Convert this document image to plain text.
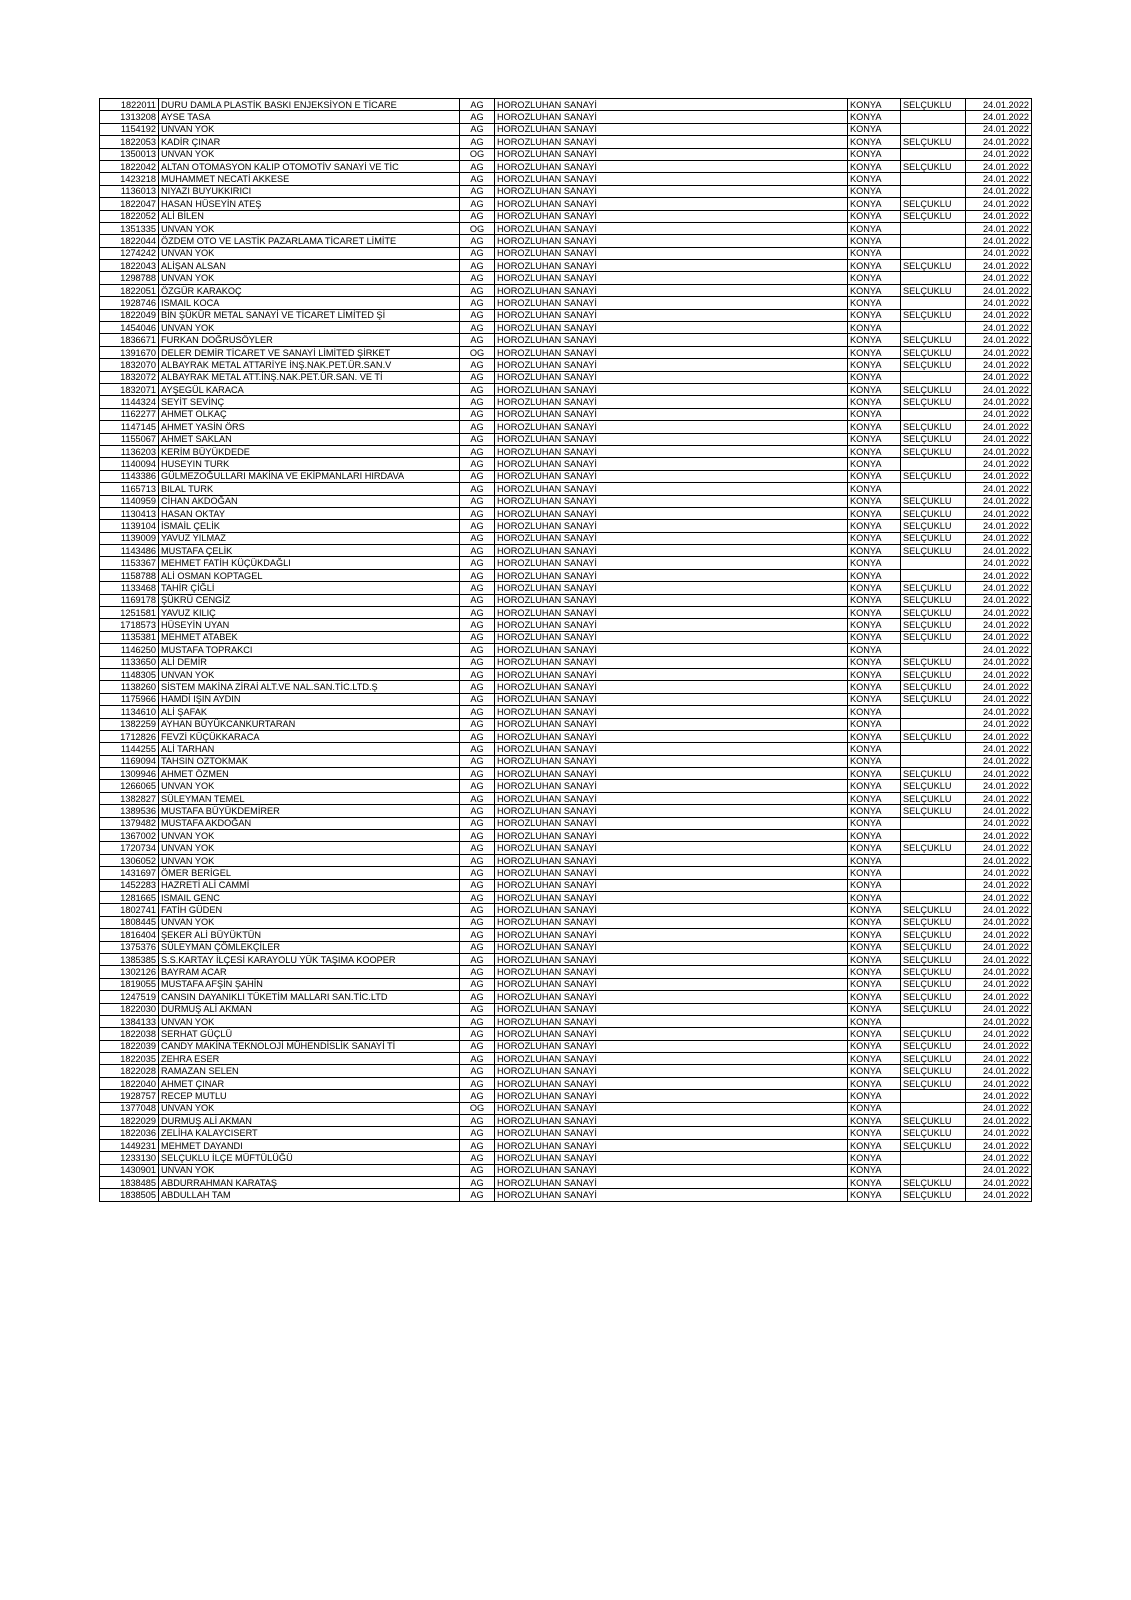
1822011	DURU DAMLA PLASTİK BASKI ENJEKSİYON E TİCARE	AG	HOROZLUHAN SANAYİ	KONYA	SELÇUKLU	24.01.2022
1313208	AYSE TASA	AG	HOROZLUHAN SANAYİ	KONYA		24.01.2022
1154192	UNVAN YOK	AG	HOROZLUHAN SANAYİ	KONYA		24.01.2022
1822053	KADİR ÇINAR	AG	HOROZLUHAN SANAYİ	KONYA	SELÇUKLU	24.01.2022
1350013	UNVAN YOK	OG	HOROZLUHAN SANAYİ	KONYA		24.01.2022
1822042	ALTAN OTOMASYON KALIP OTOMOTİV SANAYİ VE TİC	AG	HOROZLUHAN SANAYİ	KONYA	SELÇUKLU	24.01.2022
1423218	MUHAMMET NECATİ AKKESE	AG	HOROZLUHAN SANAYİ	KONYA		24.01.2022
1136013	NIYAZI BUYUKKIRICI	AG	HOROZLUHAN SANAYİ	KONYA		24.01.2022
1822047	HASAN HÜSEYİN ATEŞ	AG	HOROZLUHAN SANAYİ	KONYA	SELÇUKLU	24.01.2022
1822052	ALİ BİLEN	AG	HOROZLUHAN SANAYİ	KONYA	SELÇUKLU	24.01.2022
1351335	UNVAN YOK	OG	HOROZLUHAN SANAYİ	KONYA		24.01.2022
1822044	ÖZDEM OTO VE LASTİK PAZARLAMA TİCARET LİMİTE	AG	HOROZLUHAN SANAYİ	KONYA		24.01.2022
1274242	UNVAN YOK	AG	HOROZLUHAN SANAYİ	KONYA		24.01.2022
1822043	ALİŞAN ALSAN	AG	HOROZLUHAN SANAYİ	KONYA	SELÇUKLU	24.01.2022
1298788	UNVAN YOK	AG	HOROZLUHAN SANAYİ	KONYA		24.01.2022
1822051	ÖZGÜR KARAKOÇ	AG	HOROZLUHAN SANAYİ	KONYA	SELÇUKLU	24.01.2022
1928746	ISMAIL KOCA	AG	HOROZLUHAN SANAYİ	KONYA		24.01.2022
1822049	BİN ŞÜKÜR METAL SANAYİ VE TİCARET LİMİTED Şİ	AG	HOROZLUHAN SANAYİ	KONYA	SELÇUKLU	24.01.2022
1454046	UNVAN YOK	AG	HOROZLUHAN SANAYİ	KONYA		24.01.2022
1836671	FURKAN DOĞRUSÖYLER	AG	HOROZLUHAN SANAYİ	KONYA	SELÇUKLU	24.01.2022
1391670	DELER DEMİR TİCARET VE SANAYİ LİMİTED ŞİRKET	OG	HOROZLUHAN SANAYİ	KONYA	SELÇUKLU	24.01.2022
1832070	ALBAYRAK METAL ATTARİYE İNŞ.NAK.PET.ÜR.SAN.V	AG	HOROZLUHAN SANAYİ	KONYA	SELÇUKLU	24.01.2022
1832072	ALBAYRAK METAL ATT.İNŞ.NAK.PET.ÜR.SAN. VE Tİ	AG	HOROZLUHAN SANAYİ	KONYA		24.01.2022
1832071	AYŞEGÜL KARACA	AG	HOROZLUHAN SANAYİ	KONYA	SELÇUKLU	24.01.2022
1144324	SEYİT SEVİNÇ	AG	HOROZLUHAN SANAYİ	KONYA	SELÇUKLU	24.01.2022
1162277	AHMET OLKAÇ	AG	HOROZLUHAN SANAYİ	KONYA		24.01.2022
1147145	AHMET YASİN ÖRS	AG	HOROZLUHAN SANAYİ	KONYA	SELÇUKLU	24.01.2022
1155067	AHMET SAKLAN	AG	HOROZLUHAN SANAYİ	KONYA	SELÇUKLU	24.01.2022
1136203	KERİM BÜYÜKDEDE	AG	HOROZLUHAN SANAYİ	KONYA	SELÇUKLU	24.01.2022
1140094	HUSEYIN TURK	AG	HOROZLUHAN SANAYİ	KONYA		24.01.2022
1143386	GÜLMEZOĞULLARI MAKİNA VE EKİPMANLARI HIRDAVA	AG	HOROZLUHAN SANAYİ	KONYA	SELÇUKLU	24.01.2022
1165713	BILAL TURK	AG	HOROZLUHAN SANAYİ	KONYA		24.01.2022
1140959	CİHAN AKDOĞAN	AG	HOROZLUHAN SANAYİ	KONYA	SELÇUKLU	24.01.2022
1130413	HASAN OKTAY	AG	HOROZLUHAN SANAYİ	KONYA	SELÇUKLU	24.01.2022
1139104	İSMAİL ÇELİK	AG	HOROZLUHAN SANAYİ	KONYA	SELÇUKLU	24.01.2022
1139009	YAVUZ YILMAZ	AG	HOROZLUHAN SANAYİ	KONYA	SELÇUKLU	24.01.2022
1143486	MUSTAFA ÇELİK	AG	HOROZLUHAN SANAYİ	KONYA	SELÇUKLU	24.01.2022
1153367	MEHMET FATİH KÜÇÜKDAĞLI	AG	HOROZLUHAN SANAYİ	KONYA		24.01.2022
1158788	ALİ OSMAN KOPTAGEL	AG	HOROZLUHAN SANAYİ	KONYA		24.01.2022
1133468	TAHİR ÇİĞLİ	AG	HOROZLUHAN SANAYİ	KONYA	SELÇUKLU	24.01.2022
1169178	ŞÜKRÜ CENGİZ	AG	HOROZLUHAN SANAYİ	KONYA	SELÇUKLU	24.01.2022
1251581	YAVUZ KILIÇ	AG	HOROZLUHAN SANAYİ	KONYA	SELÇUKLU	24.01.2022
1718573	HÜSEYİN UYAN	AG	HOROZLUHAN SANAYİ	KONYA	SELÇUKLU	24.01.2022
1135381	MEHMET ATABEK	AG	HOROZLUHAN SANAYİ	KONYA	SELÇUKLU	24.01.2022
1146250	MUSTAFA TOPRAKCI	AG	HOROZLUHAN SANAYİ	KONYA		24.01.2022
1133650	ALİ DEMİR	AG	HOROZLUHAN SANAYİ	KONYA	SELÇUKLU	24.01.2022
1148305	UNVAN YOK	AG	HOROZLUHAN SANAYİ	KONYA	SELÇUKLU	24.01.2022
1138260	SİSTEM MAKİNA ZİRAİ ALT.VE NAL.SAN.TİC.LTD.Ş	AG	HOROZLUHAN SANAYİ	KONYA	SELÇUKLU	24.01.2022
1175966	HAMDİ IŞIN AYDIN	AG	HOROZLUHAN SANAYİ	KONYA	SELÇUKLU	24.01.2022
1134610	ALİ ŞAFAK	AG	HOROZLUHAN SANAYİ	KONYA		24.01.2022
1382259	AYHAN BÜYÜKCANKURTARAN	AG	HOROZLUHAN SANAYİ	KONYA		24.01.2022
1712826	FEVZİ KÜÇÜKKARACA	AG	HOROZLUHAN SANAYİ	KONYA	SELÇUKLU	24.01.2022
1144255	ALİ TARHAN	AG	HOROZLUHAN SANAYİ	KONYA		24.01.2022
1169094	TAHSIN OZTOKMAK	AG	HOROZLUHAN SANAYİ	KONYA		24.01.2022
1309946	AHMET ÖZMEN	AG	HOROZLUHAN SANAYİ	KONYA	SELÇUKLU	24.01.2022
1266065	UNVAN YOK	AG	HOROZLUHAN SANAYİ	KONYA	SELÇUKLU	24.01.2022
1382827	SÜLEYMAN TEMEL	AG	HOROZLUHAN SANAYİ	KONYA	SELÇUKLU	24.01.2022
1389536	MUSTAFA BÜYÜKDEMİRER	AG	HOROZLUHAN SANAYİ	KONYA	SELÇUKLU	24.01.2022
1379482	MUSTAFA AKDOĞAN	AG	HOROZLUHAN SANAYİ	KONYA		24.01.2022
1367002	UNVAN YOK	AG	HOROZLUHAN SANAYİ	KONYA		24.01.2022
1720734	UNVAN YOK	AG	HOROZLUHAN SANAYİ	KONYA	SELÇUKLU	24.01.2022
1306052	UNVAN YOK	AG	HOROZLUHAN SANAYİ	KONYA		24.01.2022
1431697	ÖMER BERİGEL	AG	HOROZLUHAN SANAYİ	KONYA		24.01.2022
1452283	HAZRETİ ALİ CAMMİ	AG	HOROZLUHAN SANAYİ	KONYA		24.01.2022
1281665	ISMAIL GENC	AG	HOROZLUHAN SANAYİ	KONYA		24.01.2022
1802741	FATİH GÜDEN	AG	HOROZLUHAN SANAYİ	KONYA	SELÇUKLU	24.01.2022
1808445	UNVAN YOK	AG	HOROZLUHAN SANAYİ	KONYA	SELÇUKLU	24.01.2022
1816404	ŞEKER ALİ BÜYÜKTÜN	AG	HOROZLUHAN SANAYİ	KONYA	SELÇUKLU	24.01.2022
1375376	SÜLEYMAN ÇÖMLEKÇİLER	AG	HOROZLUHAN SANAYİ	KONYA	SELÇUKLU	24.01.2022
1385385	S.S.KARTAY İLÇESİ KARAYOLU YÜK TAŞIMA KOOPER	AG	HOROZLUHAN SANAYİ	KONYA	SELÇUKLU	24.01.2022
1302126	BAYRAM ACAR	AG	HOROZLUHAN SANAYİ	KONYA	SELÇUKLU	24.01.2022
1819055	MUSTAFA AFŞİN ŞAHİN	AG	HOROZLUHAN SANAYİ	KONYA	SELÇUKLU	24.01.2022
1247519	CANSIN DAYANIKLI TÜKETİM MALLARI SAN.TİC.LTD	AG	HOROZLUHAN SANAYİ	KONYA	SELÇUKLU	24.01.2022
1822030	DURMUŞ ALİ AKMAN	AG	HOROZLUHAN SANAYİ	KONYA	SELÇUKLU	24.01.2022
1384133	UNVAN YOK	AG	HOROZLUHAN SANAYİ	KONYA		24.01.2022
1822038	SERHAT GÜÇLÜ	AG	HOROZLUHAN SANAYİ	KONYA	SELÇUKLU	24.01.2022
1822039	CANDY MAKİNA TEKNOLOJİ MÜHENDİSLİK SANAYİ Tİ	AG	HOROZLUHAN SANAYİ	KONYA	SELÇUKLU	24.01.2022
1822035	ZEHRA ESER	AG	HOROZLUHAN SANAYİ	KONYA	SELÇUKLU	24.01.2022
1822028	RAMAZAN SELEN	AG	HOROZLUHAN SANAYİ	KONYA	SELÇUKLU	24.01.2022
1822040	AHMET ÇINAR	AG	HOROZLUHAN SANAYİ	KONYA	SELÇUKLU	24.01.2022
1928757	RECEP MUTLU	AG	HOROZLUHAN SANAYİ	KONYA		24.01.2022
1377048	UNVAN YOK	OG	HOROZLUHAN SANAYİ	KONYA		24.01.2022
1822029	DURMUŞ ALİ AKMAN	AG	HOROZLUHAN SANAYİ	KONYA	SELÇUKLU	24.01.2022
1822036	ZELİHA KALAYCISERT	AG	HOROZLUHAN SANAYİ	KONYA	SELÇUKLU	24.01.2022
1449231	MEHMET DAYANDI	AG	HOROZLUHAN SANAYİ	KONYA	SELÇUKLU	24.01.2022
1233130	SELÇUKLU İLÇE MÜFTÜLÜĞÜ	AG	HOROZLUHAN SANAYİ	KONYA		24.01.2022
1430901	UNVAN YOK	AG	HOROZLUHAN SANAYİ	KONYA		24.01.2022
1838485	ABDURRAHMAN KARATAŞ	AG	HOROZLUHAN SANAYİ	KONYA	SELÇUKLU	24.01.2022
1838505	ABDULLAH TAM	AG	HOROZLUHAN SANAYİ	KONYA	SELÇUKLU	24.01.2022
